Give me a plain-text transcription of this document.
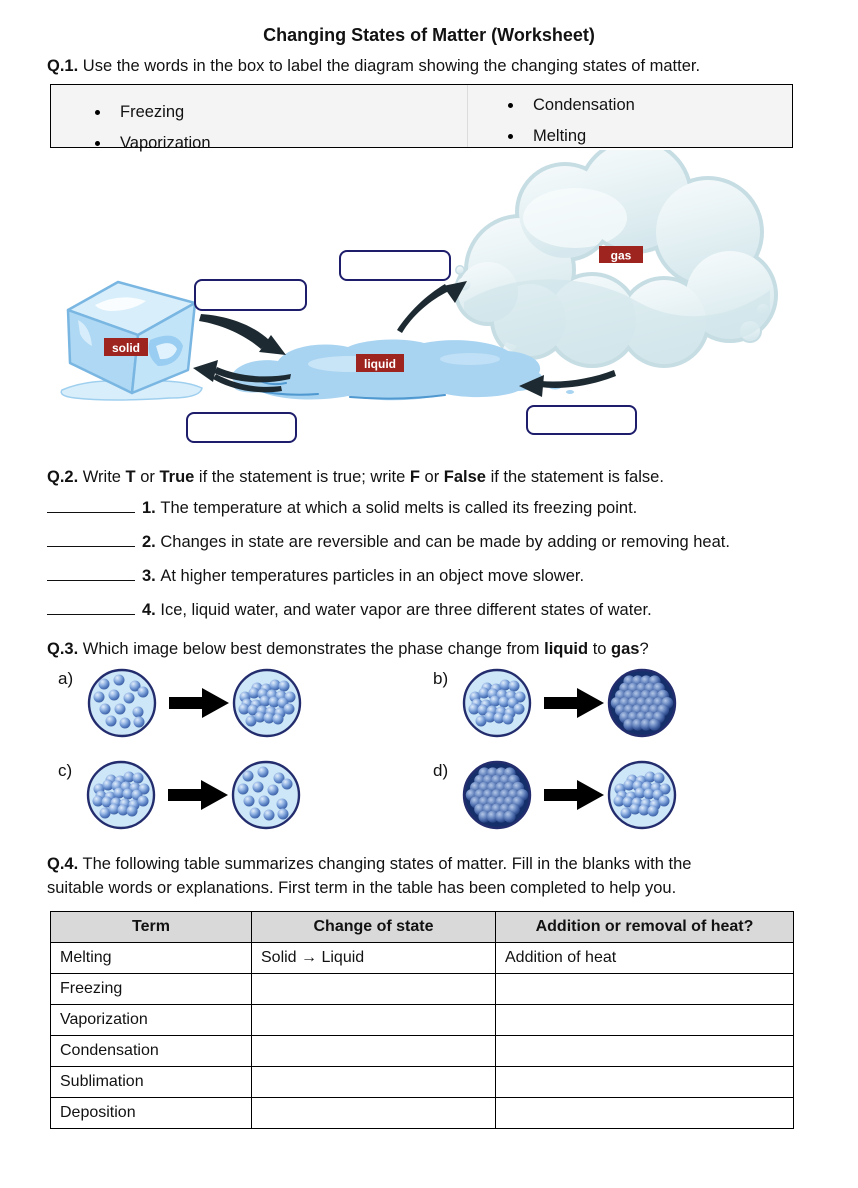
Changing States of Matter (Worksheet)
Q.1. Use the words in the box to label the diagram showing the changing states of matter.
Freezing
Vaporization
Condensation
Melting
solid
liquid
gas
Q.2. Write T or True if the statement is true; write F or False if the statement is false.
1. The temperature at which a solid melts is called its freezing point.
2. Changes in state are reversible and can be made by adding or removing heat.
3. At higher temperatures particles in an object move slower.
4. Ice, liquid water, and water vapor are three different states of water.
Q.3. Which image below best demonstrates the phase change from liquid to gas?
a)	b)
c)	d)
Q.4. The following table summarizes changing states of matter. Fill in the blanks with the
suitable words or explanations. First term in the table has been completed to help you.
Term	Change of state	Addition or removal of heat?
Melting	Solid → Liquid	Addition of heat
Freezing		
Vaporization		
Condensation		
Sublimation		
Deposition		
